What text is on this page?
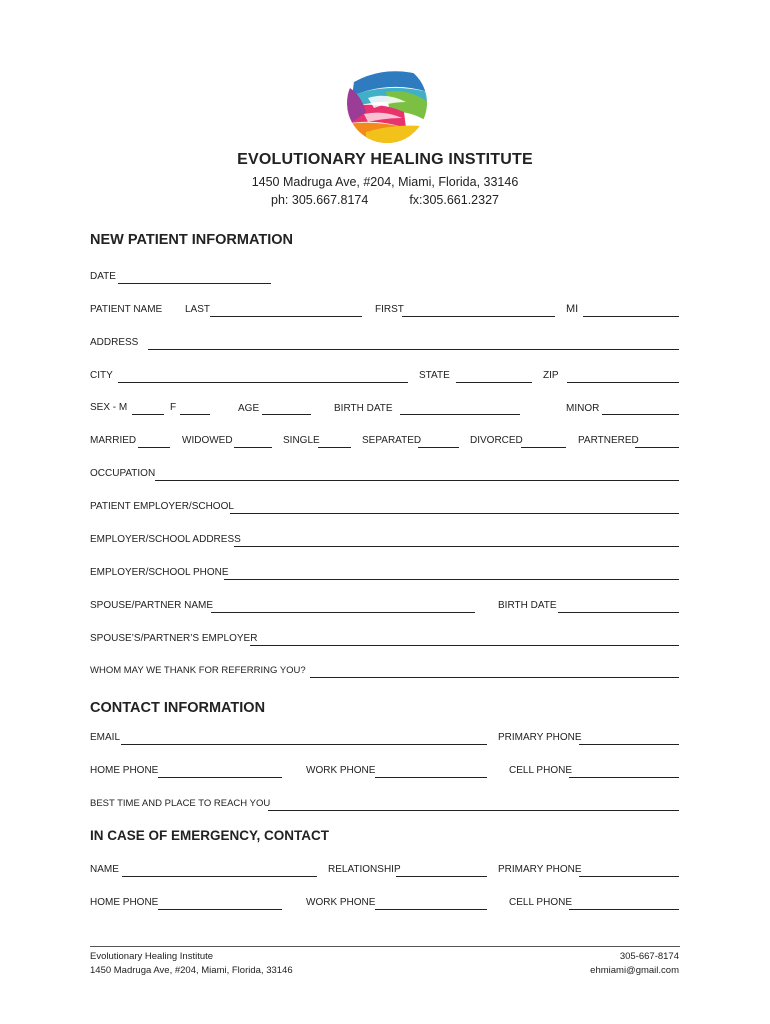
EVOLUTIONARY HEALING INSTITUTE
1450 Madruga Ave, #204, Miami, Florida, 33146
ph: 305.667.8174	fx:305.661.2327
NEW PATIENT INFORMATION
DATE
PATIENT NAME LAST	FIRST	MI
ADDRESS
CITY	STATE	ZIP
SEX - M	F	AGE	BIRTH DATE	MINOR
MARRIED	WIDOWED	SINGLE	SEPARATED	DIVORCED	PARTNERED
OCCUPATION
PATIENT EMPLOYER/SCHOOL
EMPLOYER/SCHOOL ADDRESS
EMPLOYER/SCHOOL PHONE
SPOUSE/PARTNER NAME	BIRTH DATE
SPOUSE’S/PARTNER’S EMPLOYER
WHOM MAY WE THANK FOR REFERRING YOU?
CONTACT INFORMATION
EMAIL	PRIMARY PHONE
HOME PHONE	WORK PHONE	CELL PHONE
BEST TIME AND PLACE TO REACH YOU
IN CASE OF EMERGENCY, CONTACT
NAME	RELATIONSHIP	PRIMARY PHONE
HOME PHONE	WORK PHONE	CELL PHONE
Evolutionary Healing Institute
1450 Madruga Ave, #204, Miami, Florida, 33146
305-667-8174
ehmiami@gmail.com
